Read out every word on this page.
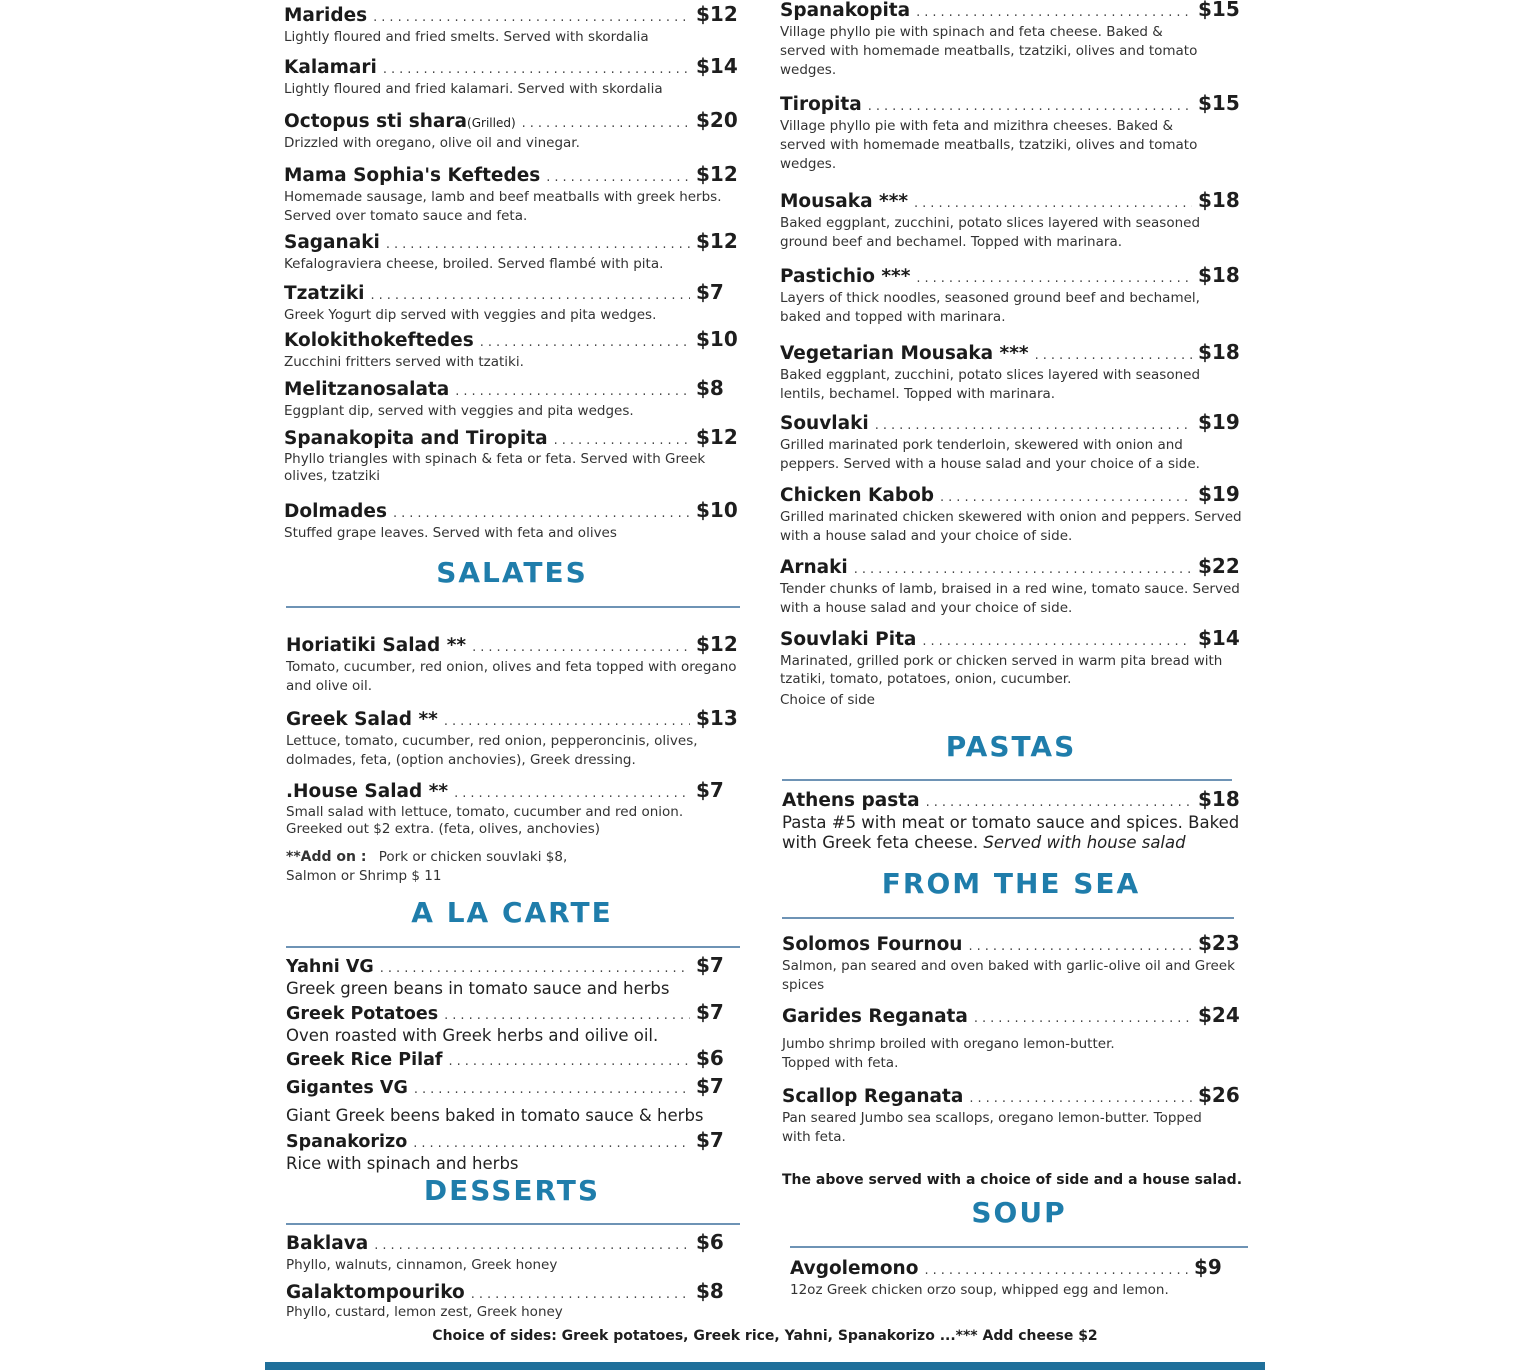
Marides .....	$12
Lightly floured and fried smelts. Served with skordalia
Kalamari .....	$14
Lightly floured and fried kalamari. Served with skordalia
Octopus sti shara(Grilled) .....	$20
Drizzled with oregano, olive oil and vinegar.
Mama Sophia's Keftedes .....	$12
Homemade sausage, lamb and beef meatballs with greek herbs. Served over tomato sauce and feta.
Saganaki .....	$12
Kefalograviera cheese, broiled. Served flambé with pita.
Tzatziki .....	$7
Greek Yogurt dip served with veggies and pita wedges.
Kolokithokeftedes .....	$10
Zucchini fritters served with tzatiki.
Melitzanosalata .....	$8
Eggplant dip, served with veggies and pita wedges.
Spanakopita and Tiropita .....	$12
Phyllo triangles with spinach & feta or feta. Served with Greek olives, tzatziki
Dolmades .....	$10
Stuffed grape leaves. Served with feta and olives
SALATES
Horiatiki Salad ** .....	$12
Tomato, cucumber, red onion, olives and feta topped with oregano and olive oil.
Greek Salad ** .....	$13
Lettuce, tomato, cucumber, red onion, pepperoncinis, olives, dolmades, feta, (option anchovies), Greek dressing.
.House Salad ** .....	$7
Small salad with lettuce, tomato, cucumber and red onion. Greeked out $2 extra. (feta, olives, anchovies)
**Add on : Pork or chicken souvlaki $8,
Salmon or Shrimp $ 11
A LA CARTE
Yahni VG .....	$7
Greek green beans in tomato sauce and herbs
Greek Potatoes .....	$7
Oven roasted with Greek herbs and oilive oil.
Greek Rice Pilaf .....	$6
Gigantes VG .....	$7
Giant Greek beens baked in tomato sauce & herbs
Spanakorizo .....	$7
Rice with spinach and herbs
DESSERTS
Baklava .....	$6
Phyllo, walnuts, cinnamon, Greek honey
Galaktompouriko .....	$8
Phyllo, custard, lemon zest, Greek honey
Spanakopita .....	$15
Village phyllo pie with spinach and feta cheese. Baked & served with homemade meatballs, tzatziki, olives and tomato wedges.
Tiropita .....	$15
Village phyllo pie with feta and mizithra cheeses. Baked & served with homemade meatballs, tzatziki, olives and tomato wedges.
Mousaka *** .....	$18
Baked eggplant, zucchini, potato slices layered with seasoned ground beef and bechamel. Topped with marinara.
Pastichio *** .....	$18
Layers of thick noodles, seasoned ground beef and bechamel, baked and topped with marinara.
Vegetarian Mousaka *** .....	$18
Baked eggplant, zucchini, potato slices layered with seasoned lentils, bechamel. Topped with marinara.
Souvlaki .....	$19
Grilled marinated pork tenderloin, skewered with onion and peppers. Served with a house salad and your choice of a side.
Chicken Kabob .....	$19
Grilled marinated chicken skewered with onion and peppers. Served with a house salad and your choice of side.
Arnaki .....	$22
Tender chunks of lamb, braised in a red wine, tomato sauce. Served with a house salad and your choice of side.
Souvlaki Pita .....	$14
Marinated, grilled pork or chicken served in warm pita bread with tzatiki, tomato, potatoes, onion, cucumber.
Choice of side
PASTAS
Athens pasta .....	$18
Pasta #5 with meat or tomato sauce and spices. Baked with Greek feta cheese. Served with house salad
FROM THE SEA
Solomos Fournou .....	$23
Salmon, pan seared and oven baked with garlic-olive oil and Greek spices
Garides Reganata .....	$24
Jumbo shrimp broiled with oregano lemon-butter. Topped with feta.
Scallop Reganata .....	$26
Pan seared Jumbo sea scallops, oregano lemon-butter. Topped with feta.
The above served with a choice of side and a house salad.
SOUP
Avgolemono .....	$9
12oz Greek chicken orzo soup, whipped egg and lemon.
Choice of sides: Greek potatoes, Greek rice, Yahni, Spanakorizo ...*** Add cheese $2
